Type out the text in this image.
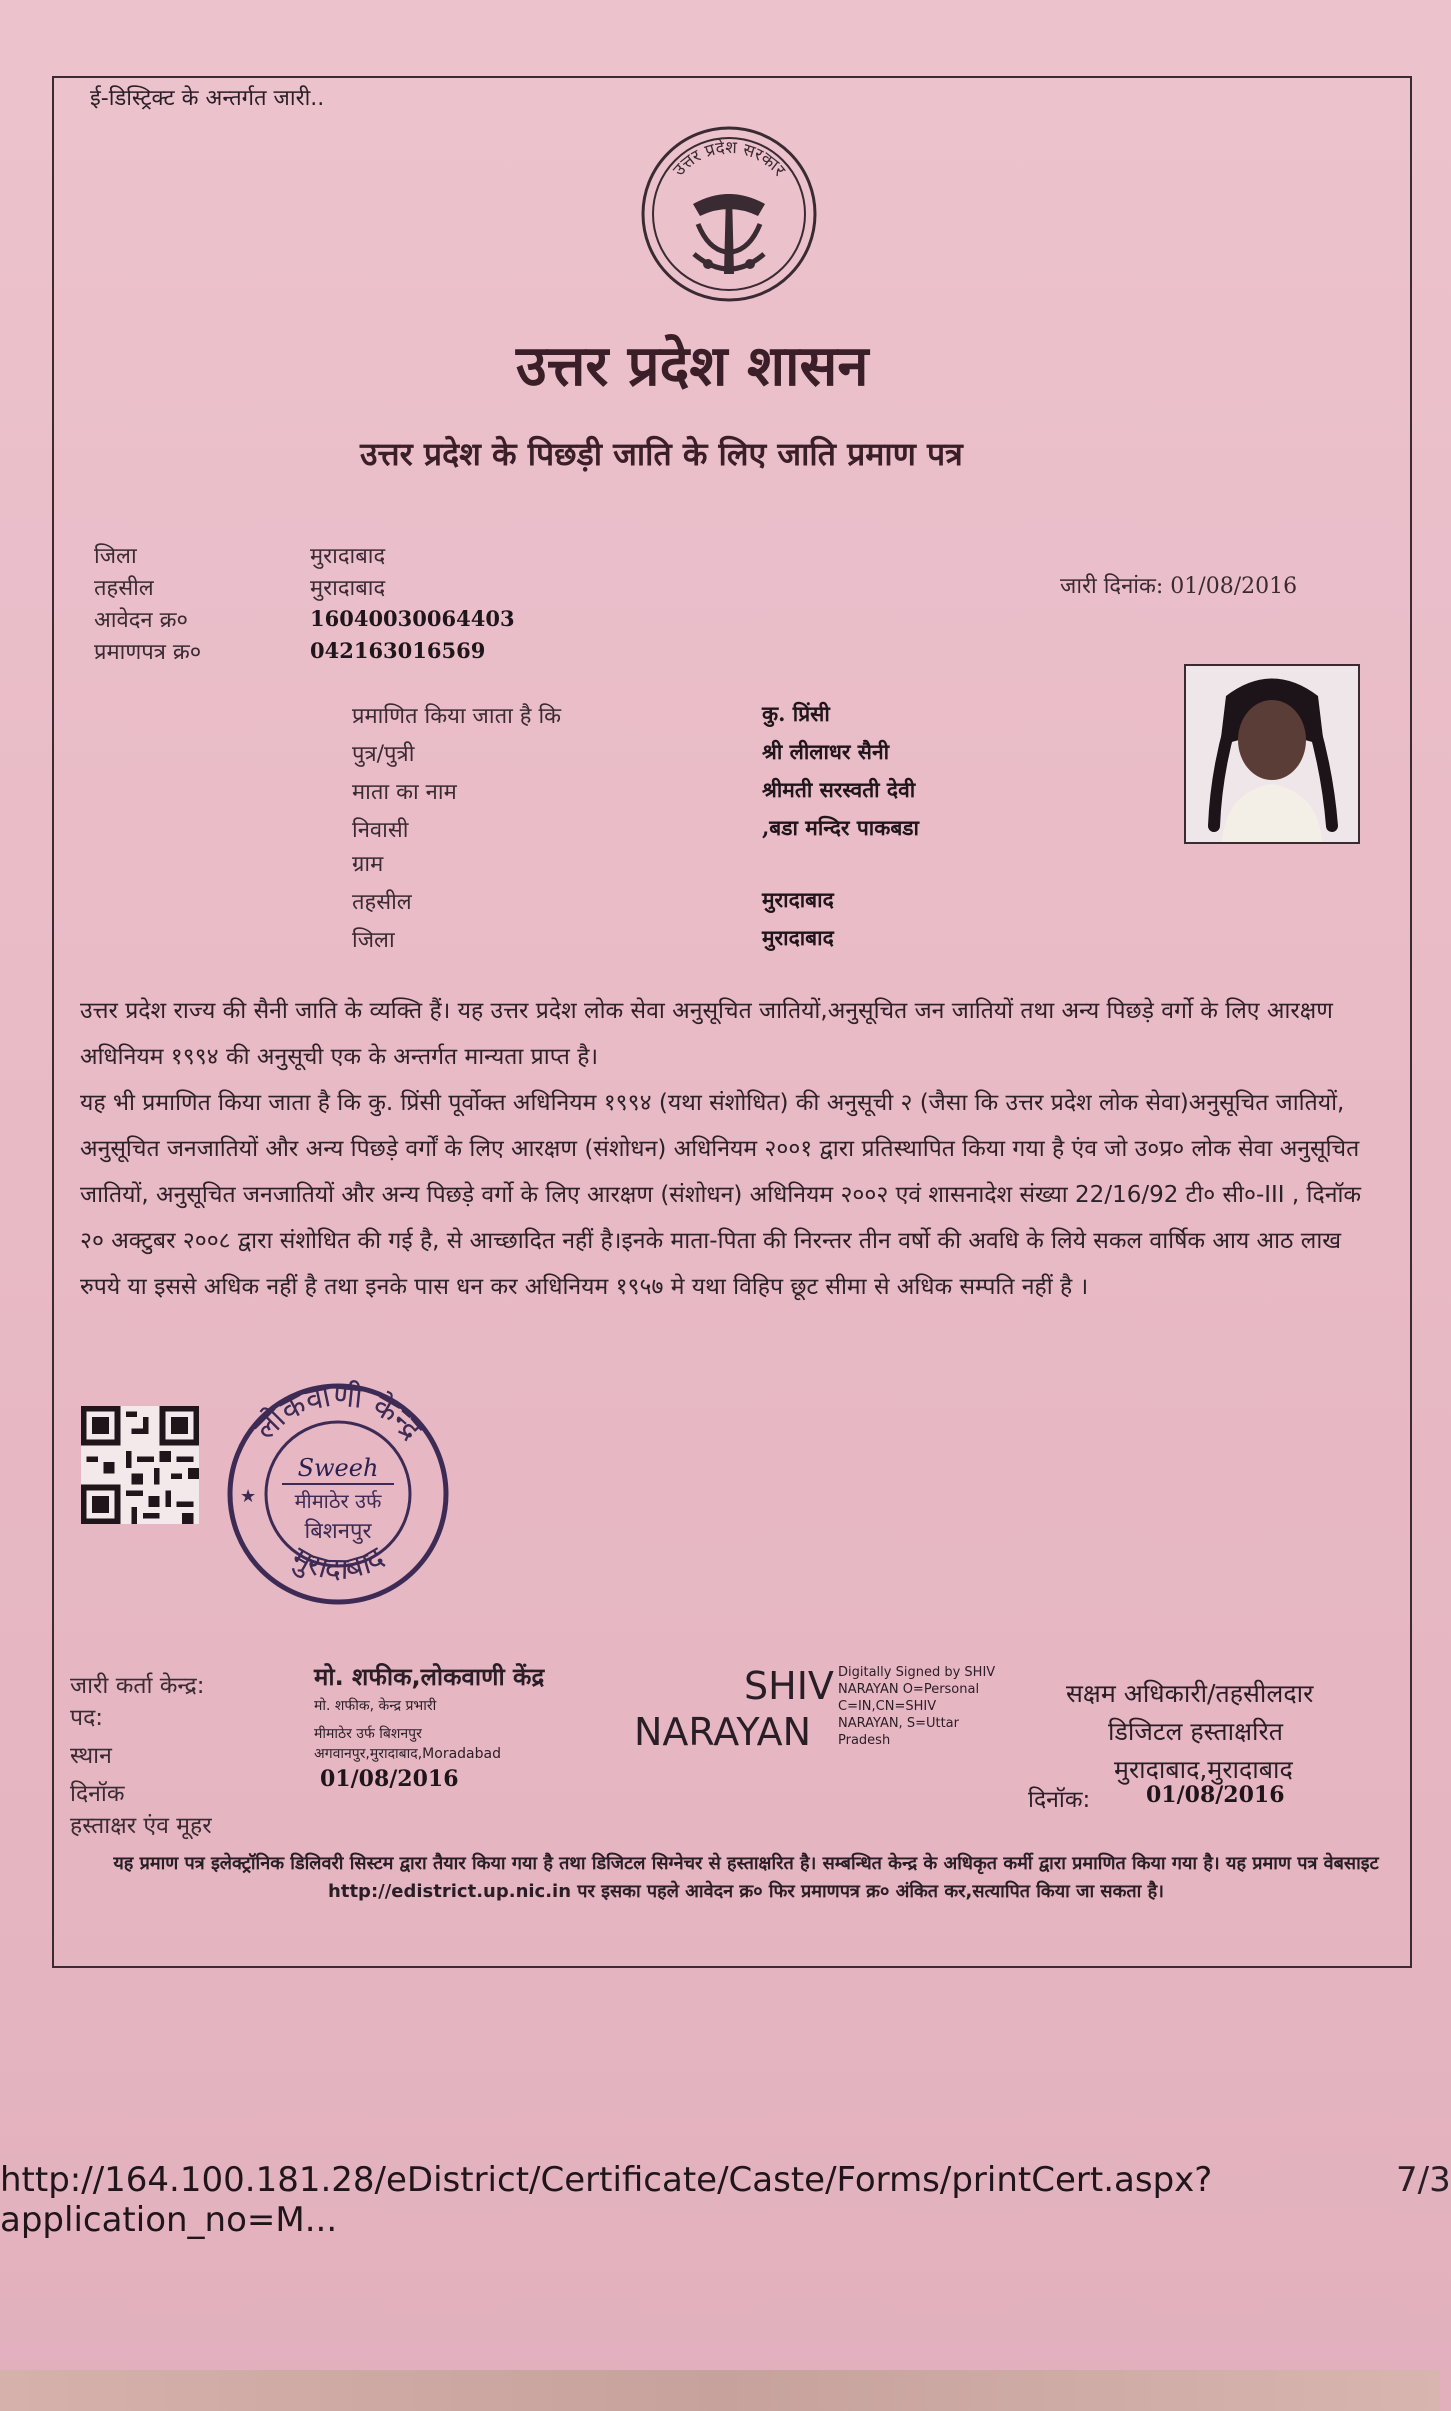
ई-डिस्ट्रिक्ट के अन्तर्गत जारी..
उत्तर प्रदेश सरकार
उत्तर प्रदेश शासन
उत्तर प्रदेश के पिछड़ी जाति के लिए जाति प्रमाण पत्र
जिला	मुरादाबाद
तहसील	मुरादाबाद
आवेदन क्र०	16040030064403
प्रमाणपत्र क्र०	042163016569
जारी दिनांक: 01/08/2016
प्रमाणित किया जाता है कि	कु. प्रिंसी
पुत्र/पुत्री	श्री लीलाधर सैनी
माता का नाम	श्रीमती सरस्वती देवी
निवासी	,बडा मन्दिर पाकबडा
ग्राम
तहसील	मुरादाबाद
जिला	मुरादाबाद

उत्तर प्रदेश राज्य की सैनी जाति के व्यक्ति हैं। यह उत्तर प्रदेश लोक सेवा अनुसूचित जातियों,अनुसूचित जन जातियों तथा अन्य पिछड़े वर्गो के लिए आरक्षण अधिनियम १९९४ की अनुसूची एक के अन्तर्गत मान्यता प्राप्त है।

यह भी प्रमाणित किया जाता है कि कु. प्रिंसी पूर्वोक्त अधिनियम १९९४ (यथा संशोधित) की अनुसूची २ (जैसा कि उत्तर प्रदेश लोक सेवा)अनुसूचित जातियों, अनुसूचित जनजातियों और अन्य पिछड़े वर्गों के लिए आरक्षण (संशोधन) अधिनियम २००१ द्वारा प्रतिस्थापित किया गया है एंव जो उ०प्र० लोक सेवा अनुसूचित जातियों, अनुसूचित जनजातियों और अन्य पिछड़े वर्गो के लिए आरक्षण (संशोधन) अधिनियम २००२ एवं शासनादेश संख्या 22/16/92 टी० सी०-III , दिनॉक २० अक्टुबर २००८ द्वारा संशोधित की गई है, से आच्छादित नहीं है।इनके माता-पिता की निरन्तर तीन वर्षो की अवधि के लिये सकल वार्षिक आय आठ लाख रुपये या इससे अधिक नहीं है तथा इनके पास धन कर अधिनियम १९५७ मे यथा विहिप छूट सीमा से अधिक सम्पति नहीं है ।

लोकवाणी केन्द्र
मुरादाबाद
Sweeh
मीमाठेर उर्फ
बिशनपुर
★
जारी कर्ता केन्द्र:	मो. शफीक,लोकवाणी केंद्र
पद:	मो. शफीक, केन्द्र प्रभारी
स्थान
मीमाठेर उर्फ बिशनपुर
अगवानपुर,मुरादाबाद,Moradabad
दिनॉक
01/08/2016
हस्ताक्षर एंव मूहर
SHIV
NARAYAN
Digitally Signed by SHIV
NARAYAN O=Personal
C=IN,CN=SHIV
NARAYAN, S=Uttar
Pradesh
सक्षम अधिकारी/तहसीलदार
डिजिटल हस्ताक्षरित
मुरादाबाद,मुरादाबाद
दिनॉक:	01/08/2016
यह प्रमाण पत्र इलेक्ट्रॉनिक डिलिवरी सिस्टम द्वारा तैयार किया गया है तथा डिजिटल सिग्नेचर से हस्ताक्षरित है। सम्बन्धित केन्द्र के अधिकृत कर्मी द्वारा प्रमाणित किया गया है। यह प्रमाण पत्र वेबसाइट http://edistrict.up.nic.in पर इसका पहले आवेदन क्र० फिर प्रमाणपत्र क्र० अंकित कर,सत्यापित किया जा सकता है।
http://164.100.181.28/eDistrict/Certificate/Caste/Forms/printCert.aspx?application_no=M...
7/3
